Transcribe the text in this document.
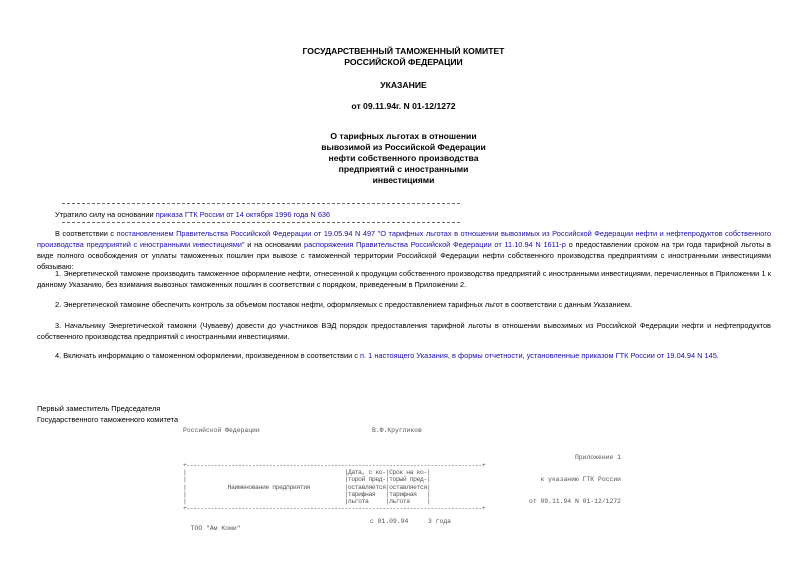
ГОСУДАРСТВЕННЫЙ ТАМОЖЕННЫЙ КОМИТЕТ
РОССИЙСКОЙ ФЕДЕРАЦИИ
УКАЗАНИЕ
от 09.11.94г. N 01-12/1272
О тарифных льготах в отношении
вывозимой из Российской Федерации
нефти собственного производства
предприятий с иностранными
инвестициями
Утратило силу на основании приказа ГТК России от 14 октября 1996 года N 636
В соответствии с постановлением Правительства Российской Федерации от 19.05.94 N 497 "О тарифных льготах в отношении вывозимых из Российской Федерации нефти и нефтепродуктов собственного производства предприятий с иностранными инвестициями" и на основании распоряжения Правительства Российской Федерации от 11.10.94 N 1611-р о предоставлении сроком на три года тарифной льготы в виде полного освобождения от уплаты таможенных пошлин при вывозе с таможенной территории Российской Федерации нефти собственного производства предприятиям с иностранными инвестициями обязываю:
1. Энергетической таможне производить таможенное оформление нефти, отнесенной к продукции собственного производства предприятий с иностранными инвестициями, перечисленных в Приложении 1 к данному Указанию, без взимания вывозных таможенных пошлин в соответствии с порядком, приведенным в Приложении 2.
2. Энергетической таможне обеспечить контроль за объемом поставок нефти, оформляемых с предоставлением тарифных льгот в соответствии с данным Указанием.
3. Начальнику Энергетической таможни (Чуваеву) довести до участников ВЭД порядок предоставления тарифной льготы в отношении вывозимых из Российской Федерации нефти и нефтепродуктов собственного производства предприятий с иностранными инвестициями.
4. Включать информацию о таможенном оформлении, произведенном в соответствии с п. 1 настоящего Указания, в формы отчетности, установленные приказом ГТК России от 19.04.94 N 145.
Первый заместитель Председателя
Государственного таможенного комитета
Российской Федерации	В.Ф.Кругликов

Приложение 1

к указанию ГТК России

от 09.11.94 N 01-12/1272

+--------------------------------------------------------------------------------------+
|                                              |Дата, с ко-|Срок на ко-|
|                                              |торой пред-|торый пред-|
|            Наименование предприятия          |оставляется|оставляется|
|                                              |тарифная   |тарифная   |
|                                              |льгота     |льгота     |
+--------------------------------------------------------------------------------------+

ТОО "Ам Коми"

с 01.09.94	3 года
